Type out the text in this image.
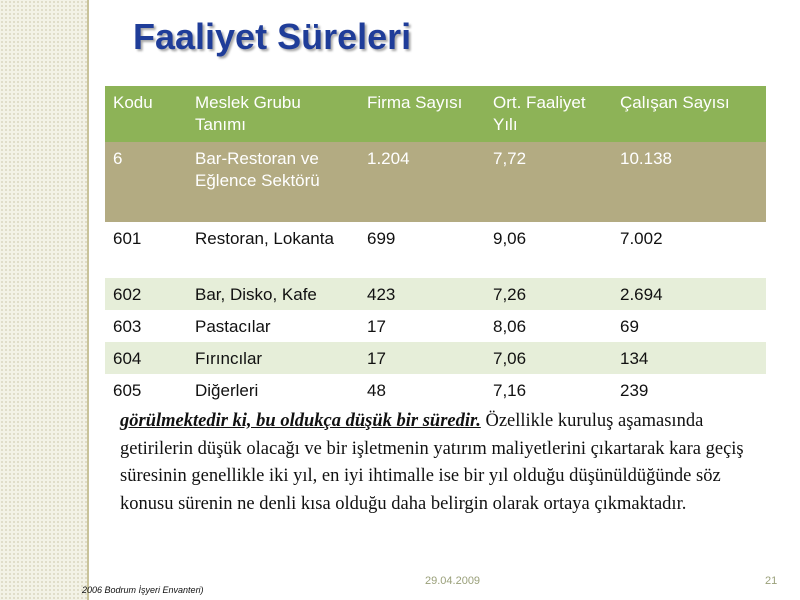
Faaliyet Süreleri
Kodu	Meslek Grubu Tanımı	Firma Sayısı	Ort. Faaliyet Yılı	Çalışan Sayısı
6	Bar-Restoran ve Eğlence Sektörü	1.204	7,72	10.138
601	Restoran, Lokanta	699	9,06	7.002
602	Bar, Disko, Kafe	423	7,26	2.694
603	Pastacılar	17	8,06	69
604	Fırıncılar	17	7,06	134
605	Diğerleri	48	7,16	239

görülmektedir ki, bu oldukça düşük bir süredir. Özellikle kuruluş aşamasında getirilerin düşük olacağı ve bir işletmenin yatırım maliyetlerini çıkartarak kara geçiş süresinin genellikle iki yıl, en iyi ihtimalle ise bir yıl olduğu düşünüldüğünde söz konusu sürenin ne denli kısa olduğu daha belirgin olarak ortaya çıkmaktadır.

29.04.2009	21
2006 Bodrum İşyeri Envanteri)
